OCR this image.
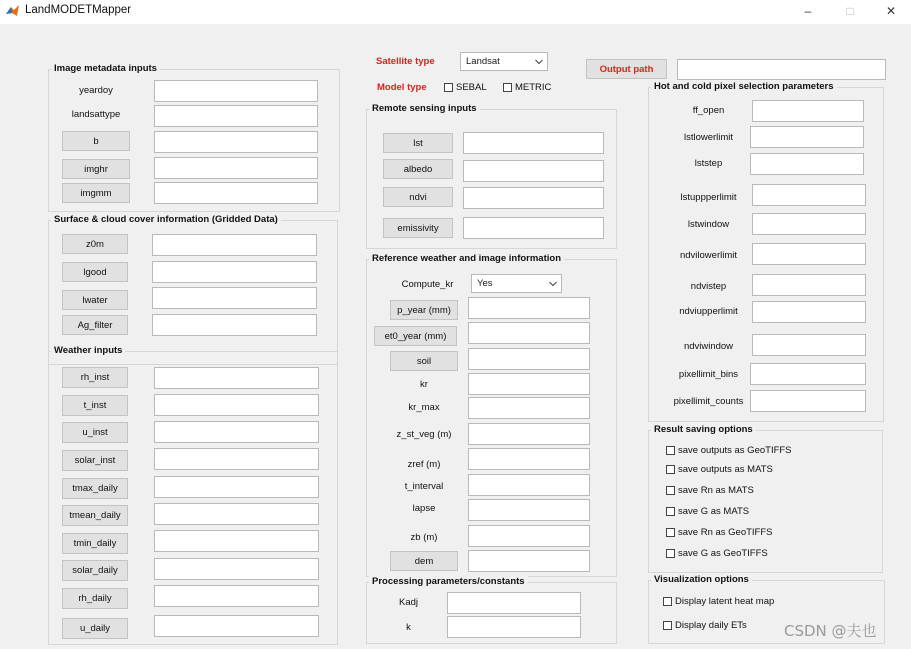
LandMODETMapper	–	□	✕
Satellite type	Landsat
Model type	SEBAL	METRIC
Output path
Image metadata inputs
yeardoy
landsattype
b
imghr
imgmm
Surface & cloud cover information (Gridded Data)
z0m
lgood
lwater
Ag_filter
Weather inputs
rh_inst
t_inst
u_inst
solar_inst
tmax_daily
tmean_daily
tmin_daily
solar_daily
rh_daily
u_daily
Remote sensing inputs
lst
albedo
ndvi
emissivity
Reference weather and image information
Compute_kr	Yes
p_year (mm)
et0_year (mm)
soil
kr
kr_max
z_st_veg (m)
zref (m)
t_interval
lapse
zb (m)
dem
Processing parameters/constants
Kadj
k
Hot and cold pixel selection parameters
ff_open
lstlowerlimit
lststep
lstuppperlimit
lstwindow
ndvilowerlimit
ndvistep
ndviupperlimit
ndviwindow
pixellimit_bins
pixellimit_counts
Result saving options
save outputs as GeoTIFFS
save outputs as MATS
save Rn as MATS
save G as MATS
save Rn as GeoTIFFS
save G as GeoTIFFS
Visualization options
Display latent heat map
Display daily ETs CSDN @夫也
